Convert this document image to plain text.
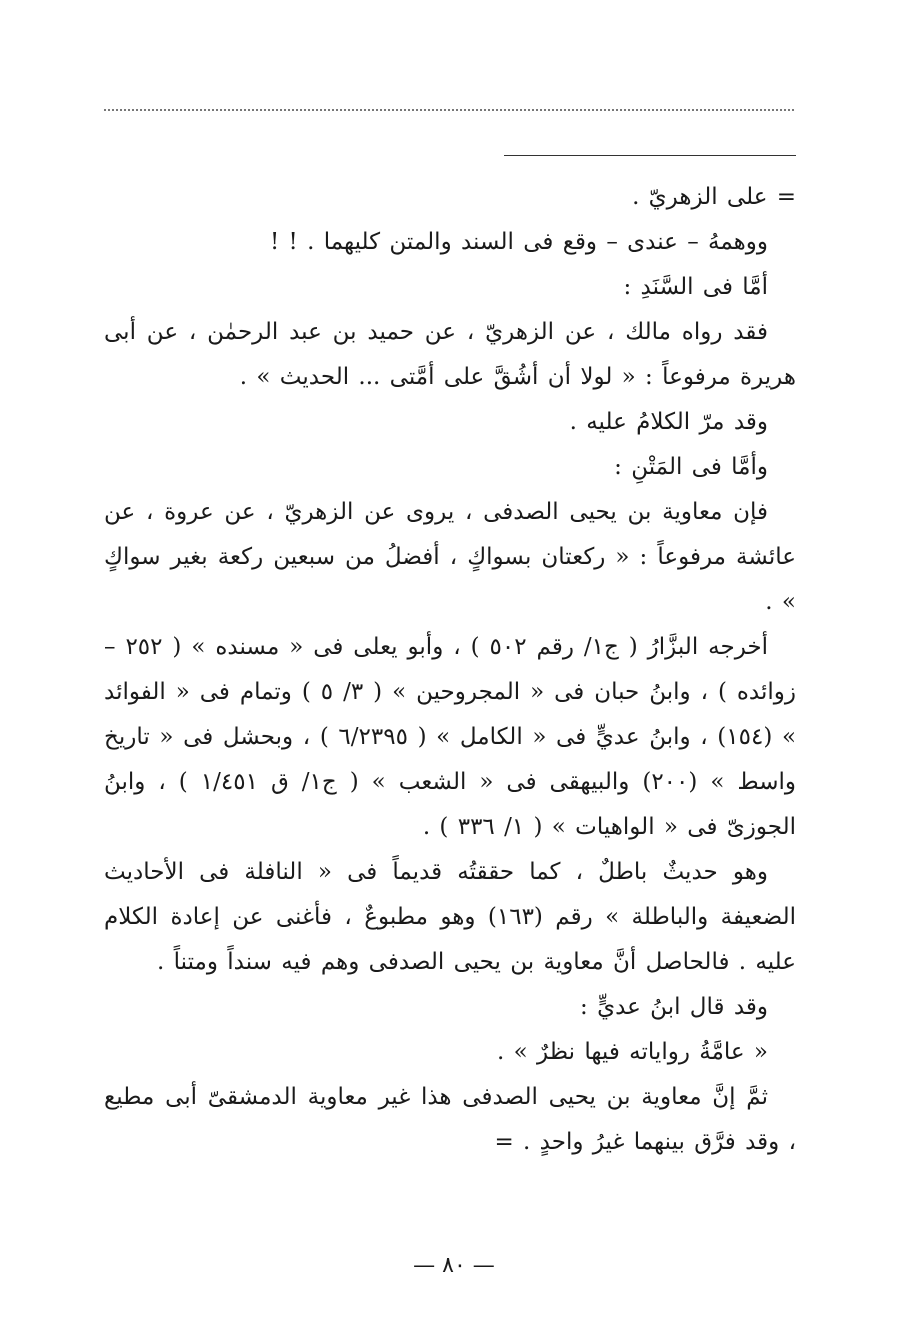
= على الزهريّ .

ووهمهُ – عندى – وقع فى السند والمتن كليهما . ! !

أمَّا فى السَّنَدِ :

فقد رواه مالك ، عن الزهريّ ، عن حميد بن عبد الرحمٰن ، عن أبى هريرة مرفوعاً : « لولا أن أشُقَّ على أمَّتى ... الحديث » .

وقد مرّ الكلامُ عليه .

وأمَّا فى المَتْنِ :

فإن معاوية بن يحيى الصدفى ، يروى عن الزهريّ ، عن عروة ، عن عائشة مرفوعاً : « ركعتان بسواكٍ ، أفضلُ من سبعين ركعة بغير سواكٍ » .

أخرجه البزَّارُ ( ج١/ رقم ٥٠٢ ) ، وأبو يعلى فى « مسنده » ( ٢٥٢ – زوائده ) ، وابنُ حبان فى « المجروحين » ( ٣/ ٥ ) وتمام فى « الفوائد » (١٥٤) ، وابنُ عديٍّ فى « الكامل » ( ٦/٢٣٩٥ ) ، وبحشل فى « تاريخ واسط » (٢٠٠) والبيهقى فى « الشعب » ( ج١/ ق ١/٤٥١ ) ، وابنُ الجوزىّ فى « الواهيات » ( ١/ ٣٣٦ ) .

وهو حديثٌ باطلٌ ، كما حققتُه قديماً فى « النافلة فى الأحاديث الضعيفة والباطلة » رقم (١٦٣) وهو مطبوعٌ ، فأغنى عن إعادة الكلام عليه . فالحاصل أنَّ معاوية بن يحيى الصدفى وهم فيه سنداً ومتناً .

وقد قال ابنُ عديٍّ :

« عامَّةُ رواياته فيها نظرٌ » .

ثمَّ إنَّ معاوية بن يحيى الصدفى هذا غير معاوية الدمشقىّ أبى مطيع ، وقد فرَّق بينهما غيرُ واحدٍ . =

— ٨٠ —
